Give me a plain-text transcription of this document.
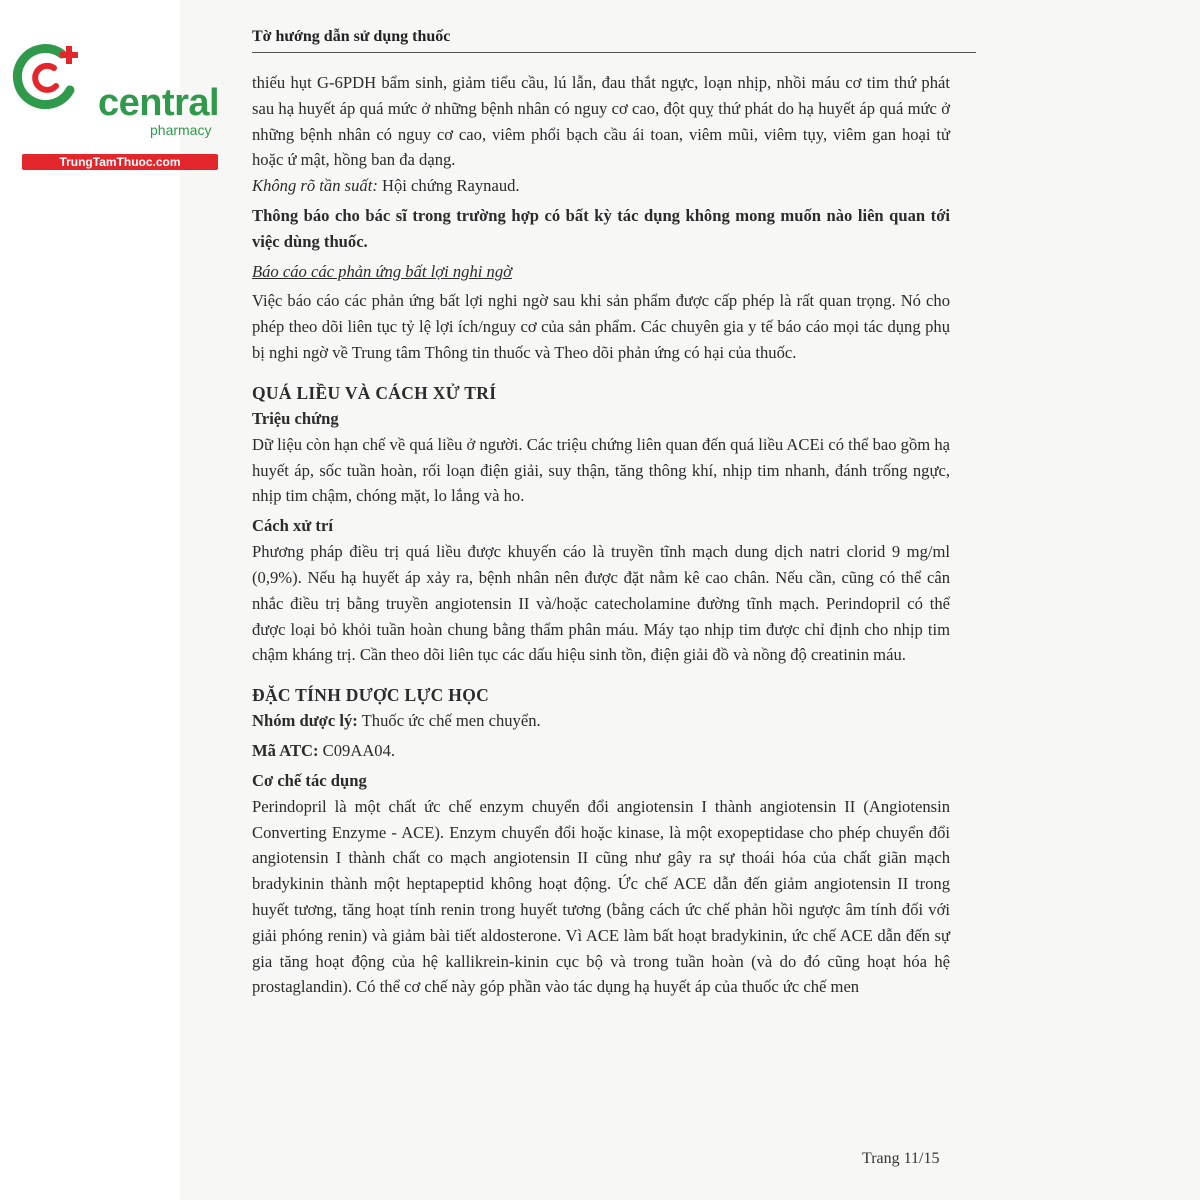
central
pharmacy
TrungTamThuoc.com
Tờ hướng dẫn sử dụng thuốc

thiếu hụt G-6PDH bẩm sinh, giảm tiểu cầu, lú lẫn, đau thắt ngực, loạn nhịp, nhồi máu cơ tim thứ phát sau hạ huyết áp quá mức ở những bệnh nhân có nguy cơ cao, đột quỵ thứ phát do hạ huyết áp quá mức ở những bệnh nhân có nguy cơ cao, viêm phổi bạch cầu ái toan, viêm mũi, viêm tụy, viêm gan hoại tử hoặc ứ mật, hồng ban đa dạng.

Không rõ tần suất: Hội chứng Raynaud.

Thông báo cho bác sĩ trong trường hợp có bất kỳ tác dụng không mong muốn nào liên quan tới việc dùng thuốc.

Báo cáo các phản ứng bất lợi nghi ngờ

Việc báo cáo các phản ứng bất lợi nghi ngờ sau khi sản phẩm được cấp phép là rất quan trọng. Nó cho phép theo dõi liên tục tỷ lệ lợi ích/nguy cơ của sản phẩm. Các chuyên gia y tế báo cáo mọi tác dụng phụ bị nghi ngờ về Trung tâm Thông tin thuốc và Theo dõi phản ứng có hại của thuốc.

QUÁ LIỀU VÀ CÁCH XỬ TRÍ

Triệu chứng

Dữ liệu còn hạn chế về quá liều ở người. Các triệu chứng liên quan đến quá liều ACEi có thể bao gồm hạ huyết áp, sốc tuần hoàn, rối loạn điện giải, suy thận, tăng thông khí, nhịp tim nhanh, đánh trống ngực, nhịp tim chậm, chóng mặt, lo lắng và ho.

Cách xử trí

Phương pháp điều trị quá liều được khuyến cáo là truyền tĩnh mạch dung dịch natri clorid 9 mg/ml (0,9%). Nếu hạ huyết áp xảy ra, bệnh nhân nên được đặt nằm kê cao chân. Nếu cần, cũng có thể cân nhắc điều trị bằng truyền angiotensin II và/hoặc catecholamine đường tĩnh mạch. Perindopril có thể được loại bỏ khỏi tuần hoàn chung bằng thẩm phân máu. Máy tạo nhịp tim được chỉ định cho nhịp tim chậm kháng trị. Cần theo dõi liên tục các dấu hiệu sinh tồn, điện giải đồ và nồng độ creatinin máu.

ĐẶC TÍNH DƯỢC LỰC HỌC

Nhóm dược lý: Thuốc ức chế men chuyển.

Mã ATC: C09AA04.

Cơ chế tác dụng

Perindopril là một chất ức chế enzym chuyển đổi angiotensin I thành angiotensin II (Angiotensin Converting Enzyme - ACE). Enzym chuyển đổi hoặc kinase, là một exopeptidase cho phép chuyển đổi angiotensin I thành chất co mạch angiotensin II cũng như gây ra sự thoái hóa của chất giãn mạch bradykinin thành một heptapeptid không hoạt động. Ức chế ACE dẫn đến giảm angiotensin II trong huyết tương, tăng hoạt tính renin trong huyết tương (bằng cách ức chế phản hồi ngược âm tính đối với giải phóng renin) và giảm bài tiết aldosterone. Vì ACE làm bất hoạt bradykinin, ức chế ACE dẫn đến sự gia tăng hoạt động của hệ kallikrein-kinin cục bộ và trong tuần hoàn (và do đó cũng hoạt hóa hệ prostaglandin). Có thể cơ chế này góp phần vào tác dụng hạ huyết áp của thuốc ức chế men

Trang 11/15
